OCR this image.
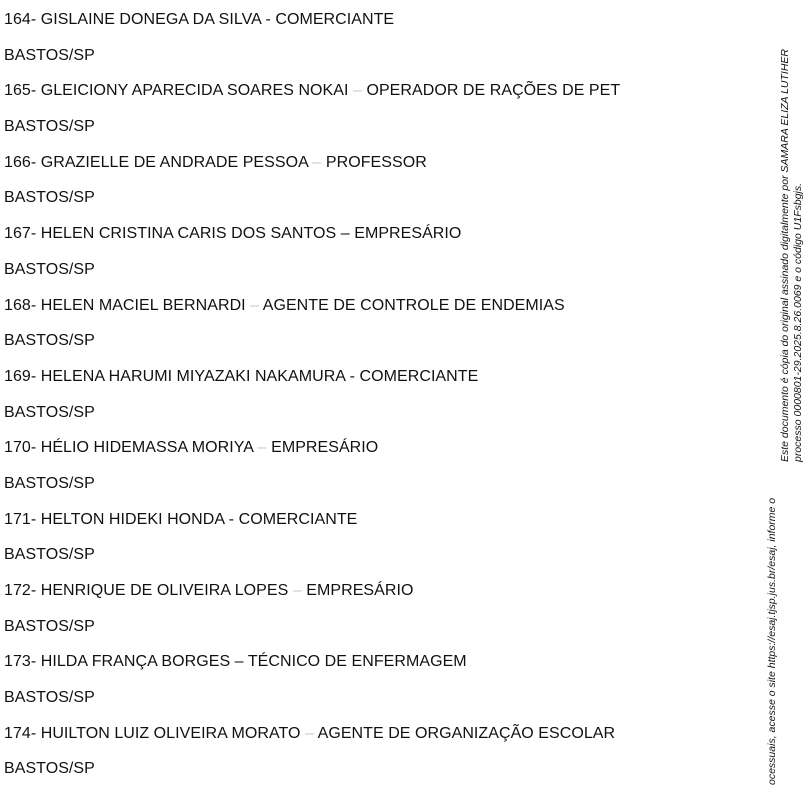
164- GISLAINE DONEGA DA SILVA - COMERCIANTE
BASTOS/SP
165- GLEICIONY APARECIDA SOARES NOKAI – OPERADOR DE RAÇÕES DE PET
BASTOS/SP
166- GRAZIELLE DE ANDRADE PESSOA – PROFESSOR
BASTOS/SP
167- HELEN CRISTINA CARIS DOS SANTOS – EMPRESÁRIO
BASTOS/SP
168- HELEN MACIEL BERNARDI – AGENTE DE CONTROLE DE ENDEMIAS
BASTOS/SP
169- HELENA HARUMI MIYAZAKI NAKAMURA - COMERCIANTE
BASTOS/SP
170- HÉLIO HIDEMASSA MORIYA – EMPRESÁRIO
BASTOS/SP
171- HELTON HIDEKI HONDA - COMERCIANTE
BASTOS/SP
172- HENRIQUE DE OLIVEIRA LOPES – EMPRESÁRIO
BASTOS/SP
173- HILDA FRANÇA BORGES – TÉCNICO DE ENFERMAGEM
BASTOS/SP
174- HUILTON LUIZ OLIVEIRA MORATO – AGENTE DE ORGANIZAÇÃO ESCOLAR
BASTOS/SP	ocessuais, acesse o site https://esaj.tjsp.jus.br/esaj, informe o
Este documento é cópia do original assinado digitalmente por SAMARA ELIZA LUTIHER processo 0000801-29.2025.8.26.0069 e o código U1Fsbgjs.
